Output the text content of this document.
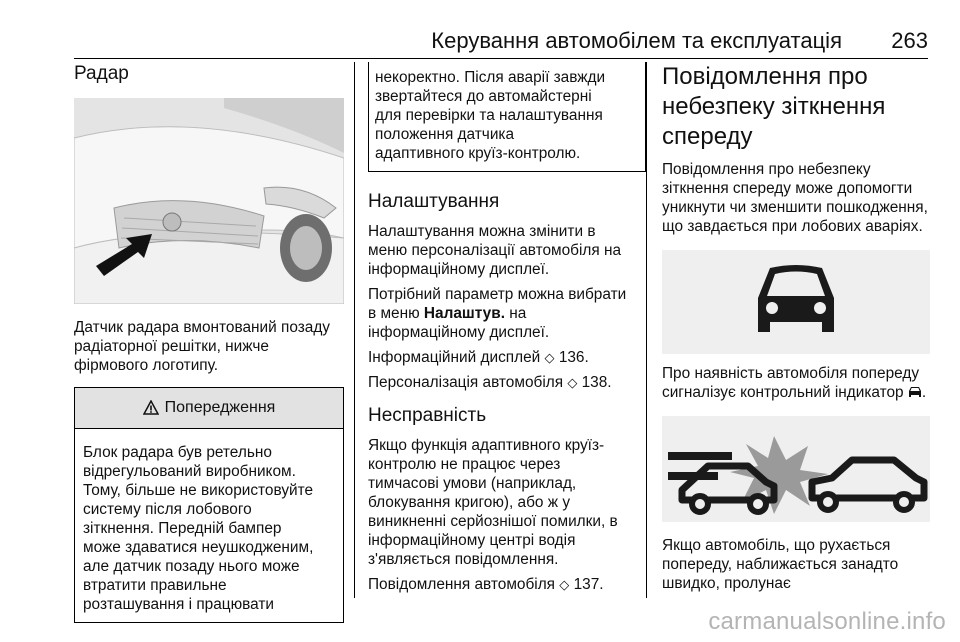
Керування автомобілем та експлуатація 263
Радар

Датчик радара вмонтований позаду радіаторної решітки, нижче фірмового логотипу.

Попередження
Блок радара був ретельно
відрегульований виробником.
Тому, більше не використовуйте
систему після лобового
зіткнення. Передній бампер
може здаватися неушкодженим,
але датчик позаду нього може
втратити правильне
розташування і працювати
некоректно. Після аварії завжди
звертайтеся до автомайстерні
для перевірки та налаштування
положення датчика
адаптивного круїз-контролю.
Налаштування

Налаштування можна змінити в меню персоналізації автомобіля на інформаційному дисплеї.

Потрібний параметр можна вибрати в меню Налаштув. на інформаційному дисплеї.

Інформаційний дисплей ◇ 136.

Персоналізація автомобіля ◇ 138.

Несправність

Якщо функція адаптивного круїз-контролю не працює через тимчасові умови (наприклад, блокування кригою), або ж у виникненні серйознішої помилки, в інформаційному центрі водія з'являється повідомлення.

Повідомлення автомобіля ◇ 137.

Повідомлення про небезпеку зіткнення спереду

Повідомлення про небезпеку зіткнення спереду може допомогти уникнути чи зменшити пошкодження, що завдається при лобових аваріях.

Про наявність автомобіля попереду сигналізує контрольний індикатор .

Якщо автомобіль, що рухається попереду, наближається занадто швидко, пролунає

carmanualsonline.info
